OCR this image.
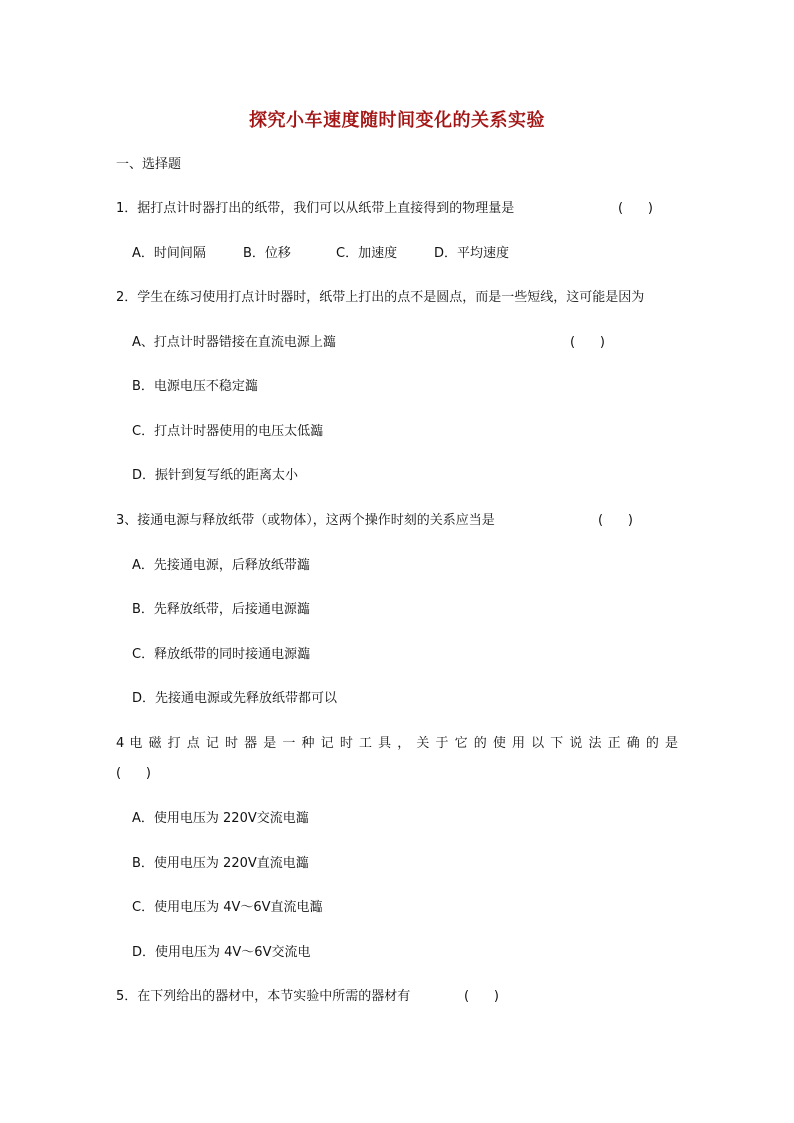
探究小车速度随时间变化的关系实验
一、选择题
1．据打点计时器打出的纸带，我们可以从纸带上直接得到的物理量是	(      )
A．时间间隔	B．位移	C．加速度	D．平均速度
2．学生在练习使用打点计时器时，纸带上打出的点不是圆点，而是一些短线，这可能是因为
A、打点计时器错接在直流电源上瀶	(      )
B．电源电压不稳定瀶
C．打点计时器使用的电压太低瀶
D．振针到复写纸的距离太小
3、接通电源与释放纸带（或物体），这两个操作时刻的关系应当是	(      )
A．先接通电源，后释放纸带瀶
B．先释放纸带，后接通电源瀶
C．释放纸带的同时接通电源瀶
D．先接通电源或先释放纸带都可以
4 电 磁 打 点 记 时 器 是 一 种 记 时 工 具 ， 关 于 它 的 使 用 以 下 说 法 正 确 的 是
(      )
A．使用电压为 220V交流电瀶
B．使用电压为 220V直流电瀶
C．使用电压为 4V～6V直流电瀶
D．使用电压为 4V～6V交流电
5．在下列给出的器材中，本节实验中所需的器材有	(      )
